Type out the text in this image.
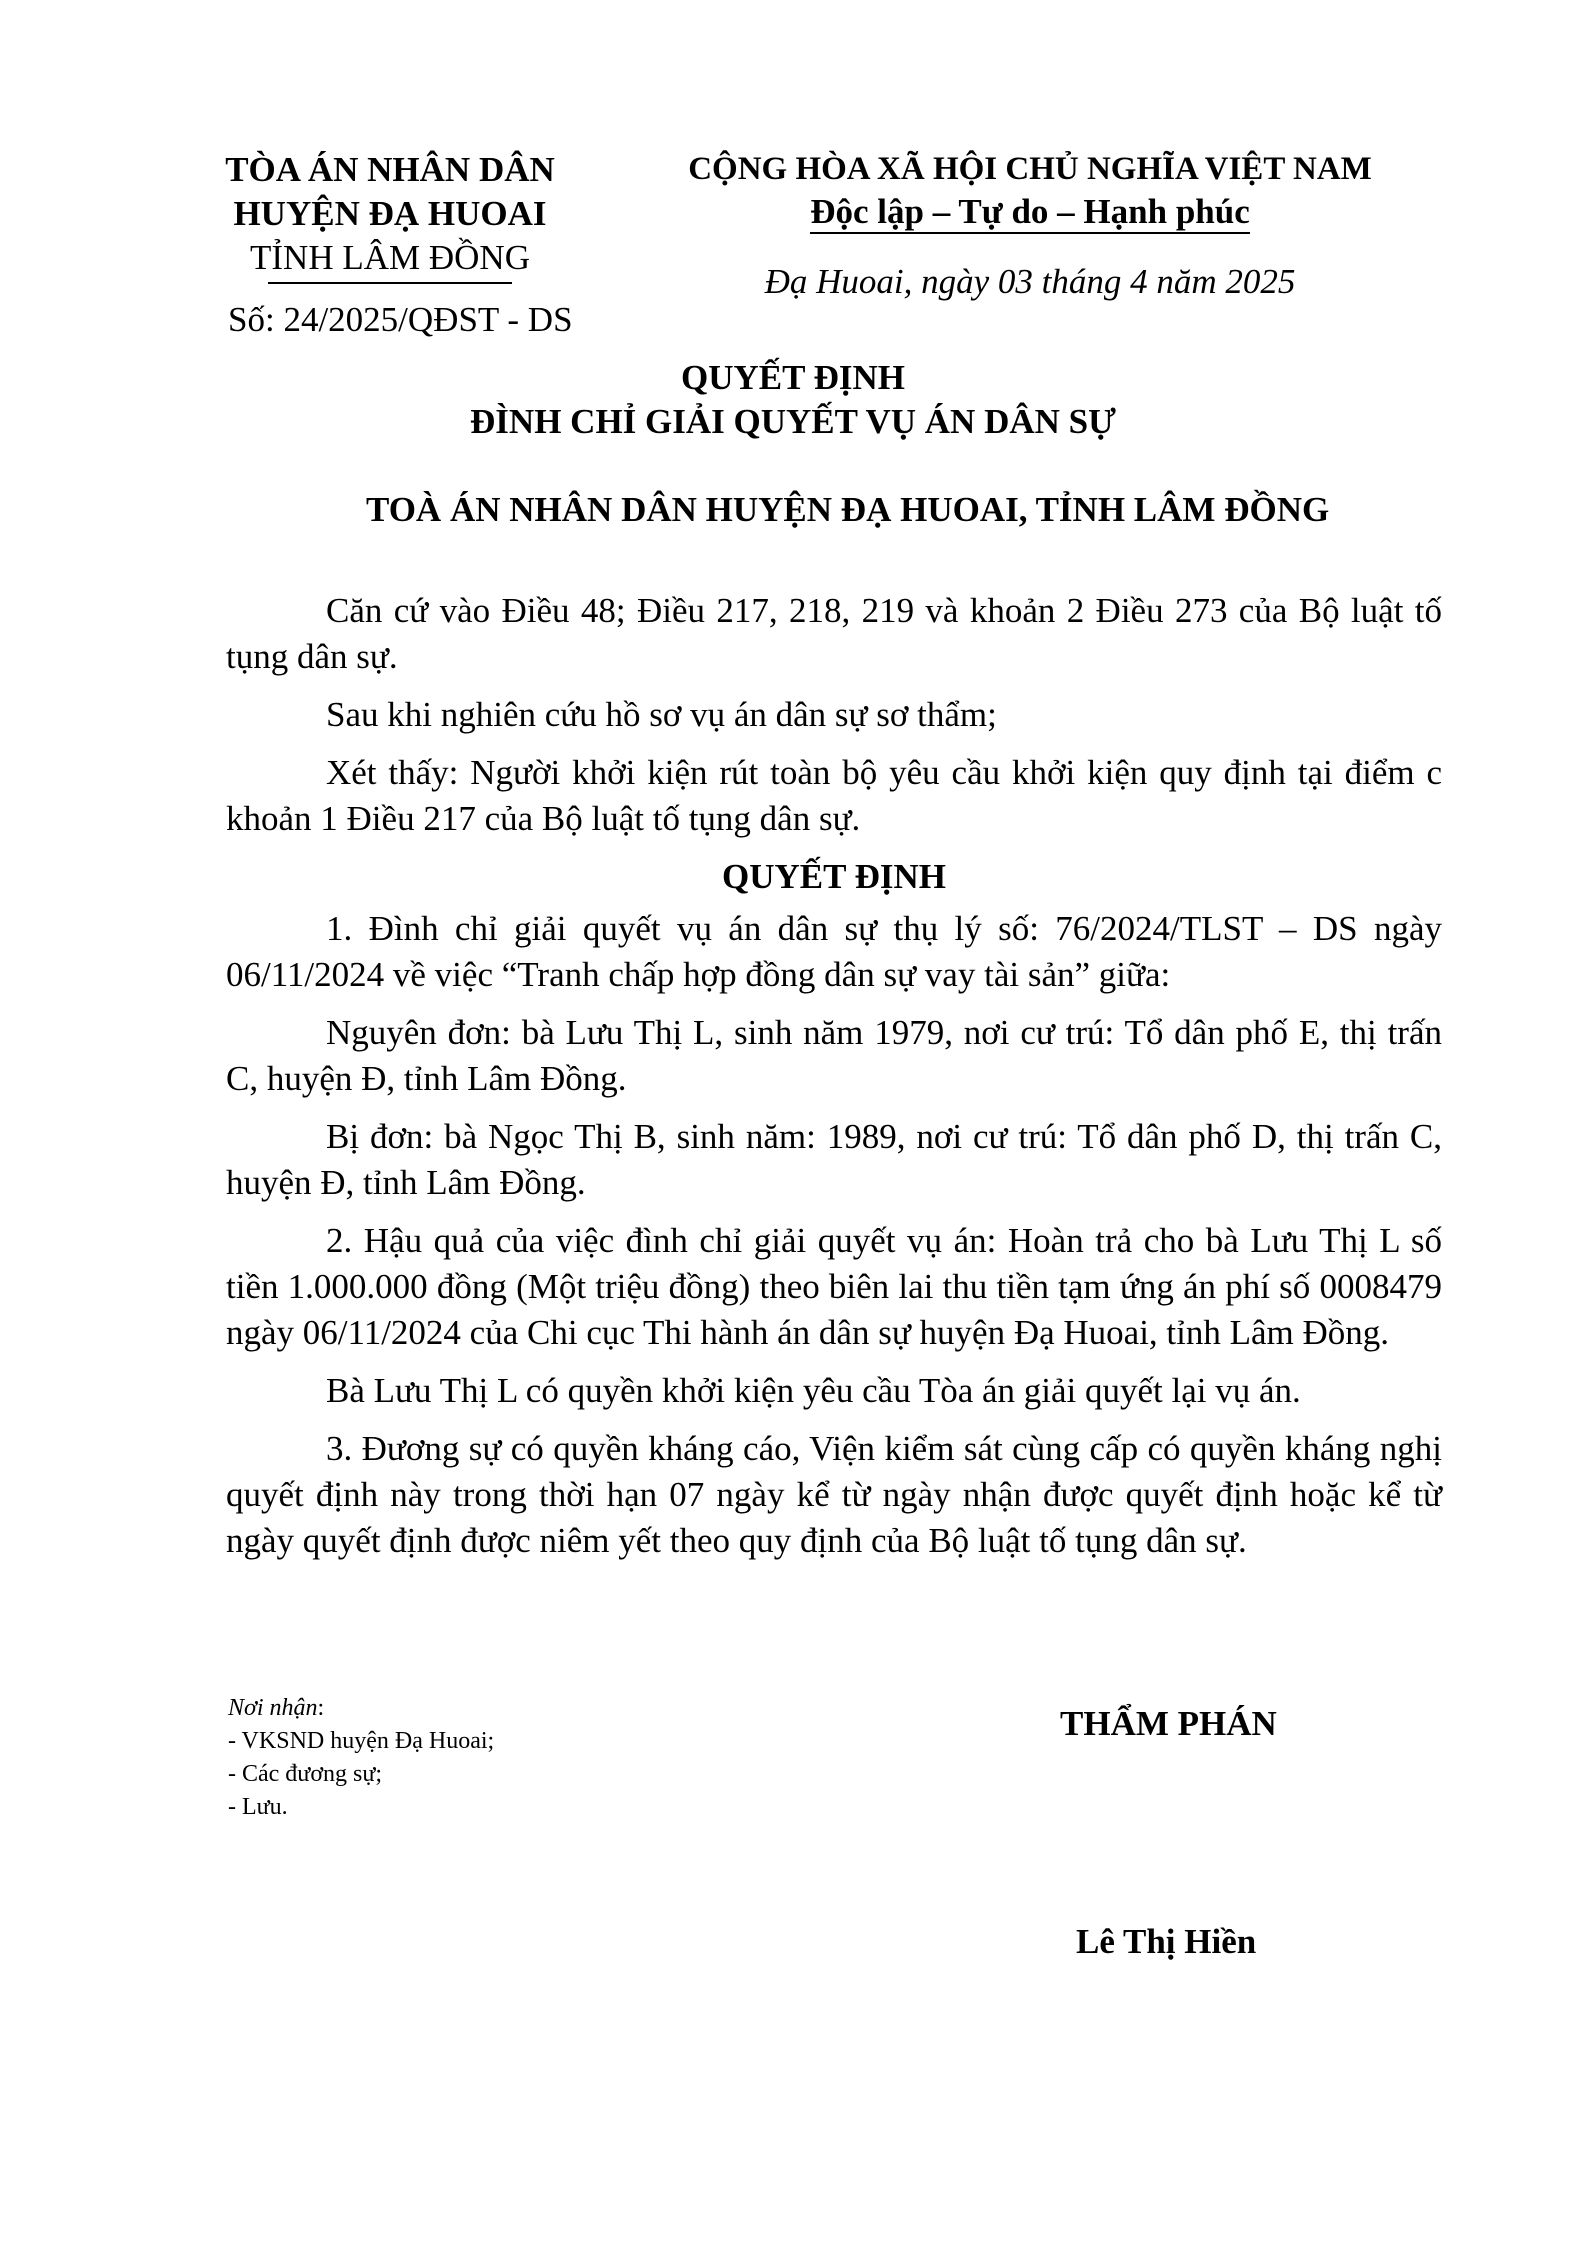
TÒA ÁN NHÂN DÂN
HUYỆN ĐẠ HUOAI
TỈNH LÂM ĐỒNG
Số: 24/2025/QĐST - DS
CỘNG HÒA XÃ HỘI CHỦ NGHĨA VIỆT NAM
Độc lập – Tự do – Hạnh phúc
Đạ Huoai, ngày 03 tháng 4 năm 2025
QUYẾT ĐỊNH
ĐÌNH CHỈ GIẢI QUYẾT VỤ ÁN DÂN SỰ
TOÀ ÁN NHÂN DÂN HUYỆN ĐẠ HUOAI, TỈNH LÂM ĐỒNG

Căn cứ vào Điều 48; Điều 217, 218, 219 và khoản 2 Điều 273 của Bộ luật tố tụng dân sự.

Sau khi nghiên cứu hồ sơ vụ án dân sự sơ thẩm;

Xét thấy: Người khởi kiện rút toàn bộ yêu cầu khởi kiện quy định tại điểm c khoản 1 Điều 217 của Bộ luật tố tụng dân sự.

QUYẾT ĐỊNH

1. Đình chỉ giải quyết vụ án dân sự thụ lý số: 76/2024/TLST – DS ngày 06/11/2024 về việc “Tranh chấp hợp đồng dân sự vay tài sản” giữa:

Nguyên đơn: bà Lưu Thị L, sinh năm 1979, nơi cư trú: Tổ dân phố E, thị trấn C, huyện Đ, tỉnh Lâm Đồng.

Bị đơn: bà Ngọc Thị B, sinh năm: 1989, nơi cư trú: Tổ dân phố D, thị trấn C, huyện Đ, tỉnh Lâm Đồng.

2. Hậu quả của việc đình chỉ giải quyết vụ án: Hoàn trả cho bà Lưu Thị L số tiền 1.000.000 đồng (Một triệu đồng) theo biên lai thu tiền tạm ứng án phí số 0008479 ngày 06/11/2024 của Chi cục Thi hành án dân sự huyện Đạ Huoai, tỉnh Lâm Đồng.

Bà Lưu Thị L có quyền khởi kiện yêu cầu Tòa án giải quyết lại vụ án.

3. Đương sự có quyền kháng cáo, Viện kiểm sát cùng cấp có quyền kháng nghị quyết định này trong thời hạn 07 ngày kể từ ngày nhận được quyết định hoặc kể từ ngày quyết định được niêm yết theo quy định của Bộ luật tố tụng dân sự.

Nơi nhận:
- VKSND huyện Đạ Huoai;
- Các đương sự;
- Lưu.
THẨM PHÁN
Lê Thị Hiền
